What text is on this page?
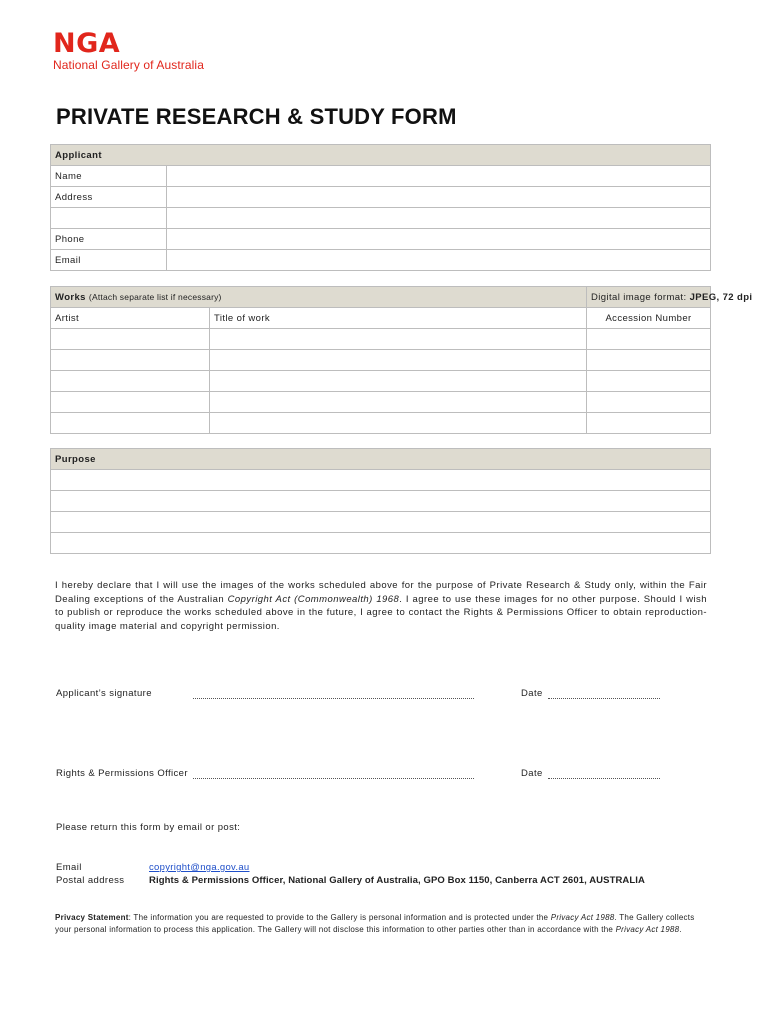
NGA
National Gallery of Australia
PRIVATE RESEARCH & STUDY FORM
Applicant	
Name	
Address	

Phone	
Email	
Works (Attach separate list if necessary)		Digital image format: JPEG, 72 dpi
Artist	Title of work	Accession Number

Purpose

I hereby declare that I will use the images of the works scheduled above for the purpose of Private Research & Study only, within the Fair Dealing exceptions of the Australian Copyright Act (Commonwealth) 1968. I agree to use these images for no other purpose. Should I wish to publish or reproduce the works scheduled above in the future, I agree to contact the Rights & Permissions Officer to obtain reproduction-quality image material and copyright permission.
Applicant’s signature	Date
Rights & Permissions Officer	Date
Please return this form by email or post:
Email	copyright@nga.gov.au
Postal address	Rights & Permissions Officer, National Gallery of Australia, GPO Box 1150, Canberra ACT 2601, AUSTRALIA
Privacy Statement: The information you are requested to provide to the Gallery is personal information and is protected under the Privacy Act 1988. The Gallery collects your personal information to process this application. The Gallery will not disclose this information to other parties other than in accordance with the Privacy Act 1988.
